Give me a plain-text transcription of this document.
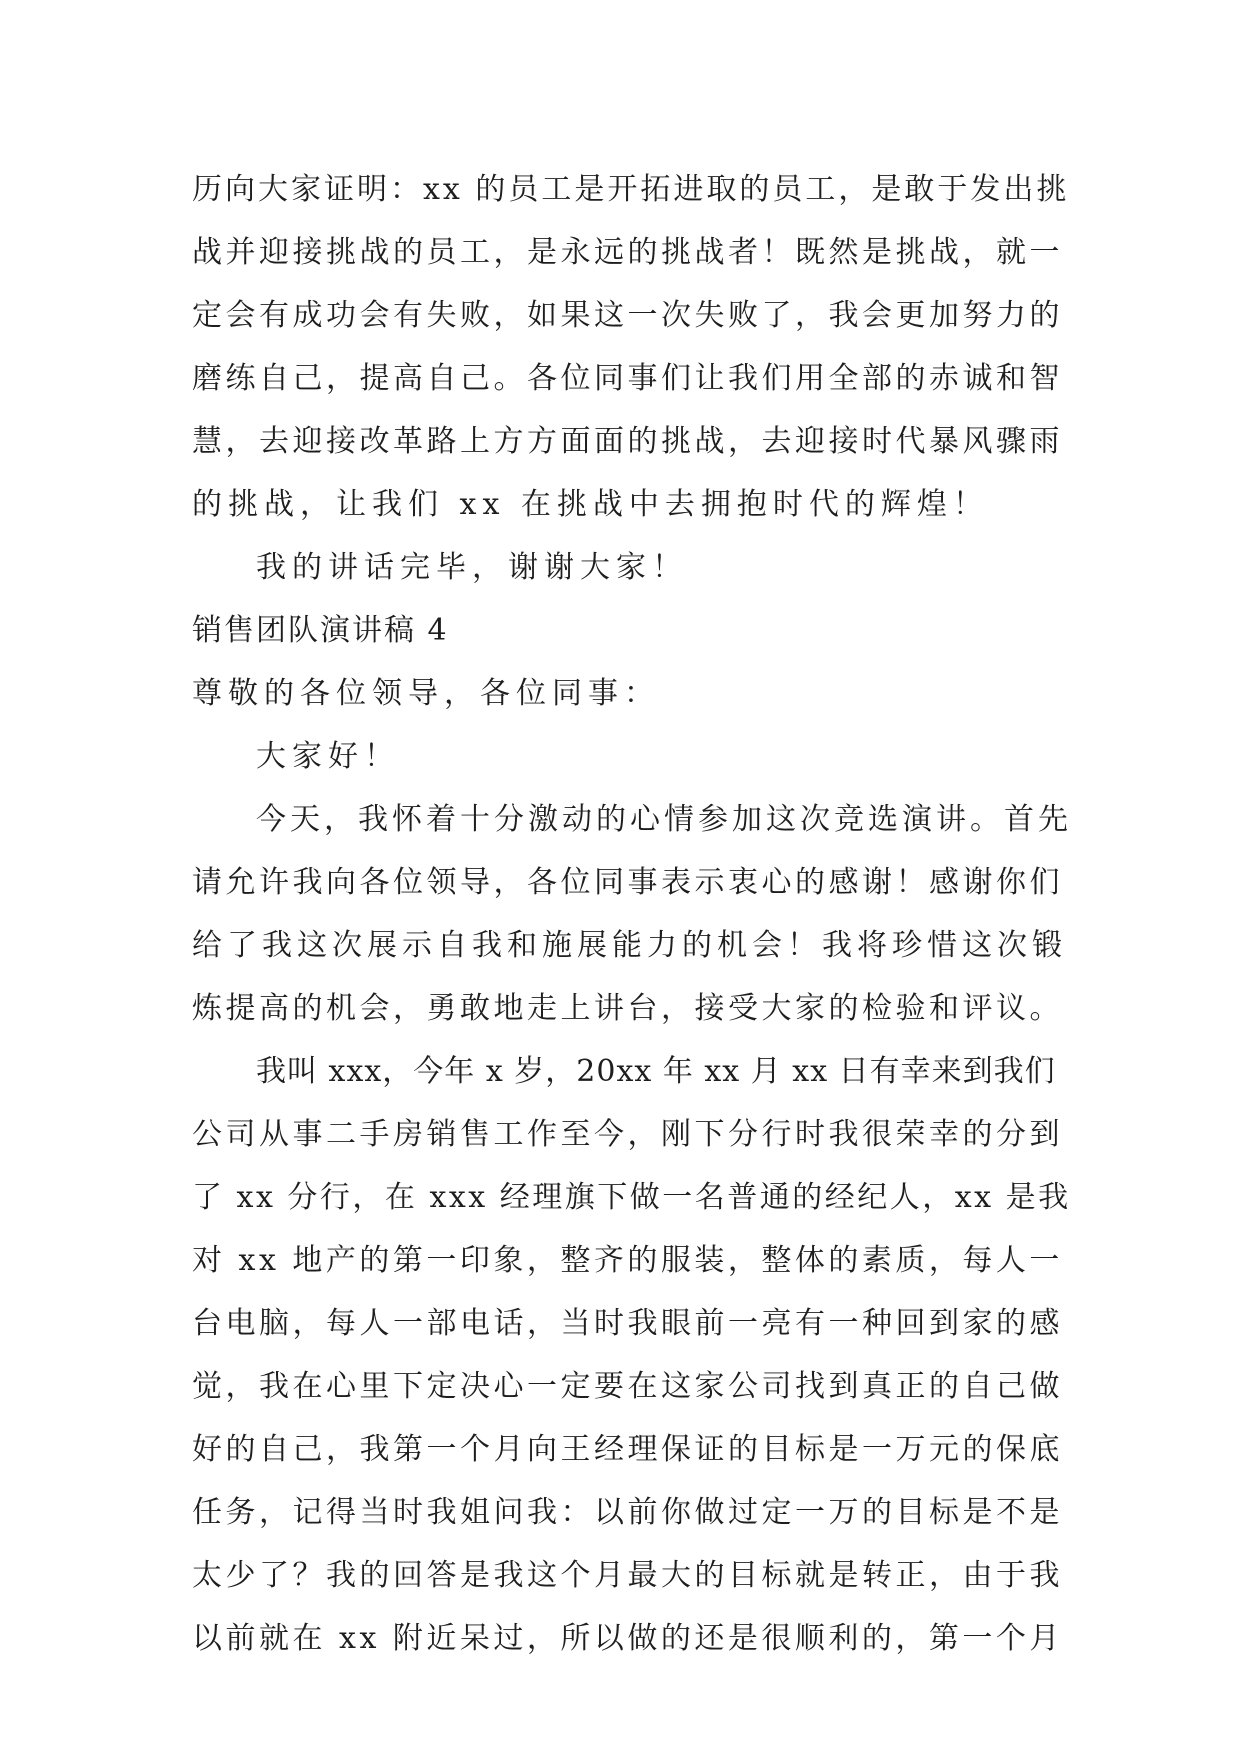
历向大家证明：xx 的员工是开拓进取的员工，是敢于发出挑
战并迎接挑战的员工，是永远的挑战者！既然是挑战，就一
定会有成功会有失败，如果这一次失败了，我会更加努力的
磨练自己，提高自己。各位同事们让我们用全部的赤诚和智
慧，去迎接改革路上方方面面的挑战，去迎接时代暴风骤雨
的挑战，让我们 xx 在挑战中去拥抱时代的辉煌！
我的讲话完毕，谢谢大家！
销售团队演讲稿 4
尊敬的各位领导，各位同事：
大家好！
今天，我怀着十分激动的心情参加这次竞选演讲。首先
请允许我向各位领导，各位同事表示衷心的感谢！感谢你们
给了我这次展示自我和施展能力的机会！我将珍惜这次锻
炼提高的机会，勇敢地走上讲台，接受大家的检验和评议。
我叫 xxx，今年 x 岁，20xx 年 xx 月 xx 日有幸来到我们
公司从事二手房销售工作至今，刚下分行时我很荣幸的分到
了 xx 分行，在 xxx 经理旗下做一名普通的经纪人，xx 是我
对 xx 地产的第一印象，整齐的服装，整体的素质，每人一
台电脑，每人一部电话，当时我眼前一亮有一种回到家的感
觉，我在心里下定决心一定要在这家公司找到真正的自己做
好的自己，我第一个月向王经理保证的目标是一万元的保底
任务，记得当时我姐问我：以前你做过定一万的目标是不是
太少了？我的回答是我这个月最大的目标就是转正，由于我
以前就在 xx 附近呆过，所以做的还是很顺利的，第一个月
